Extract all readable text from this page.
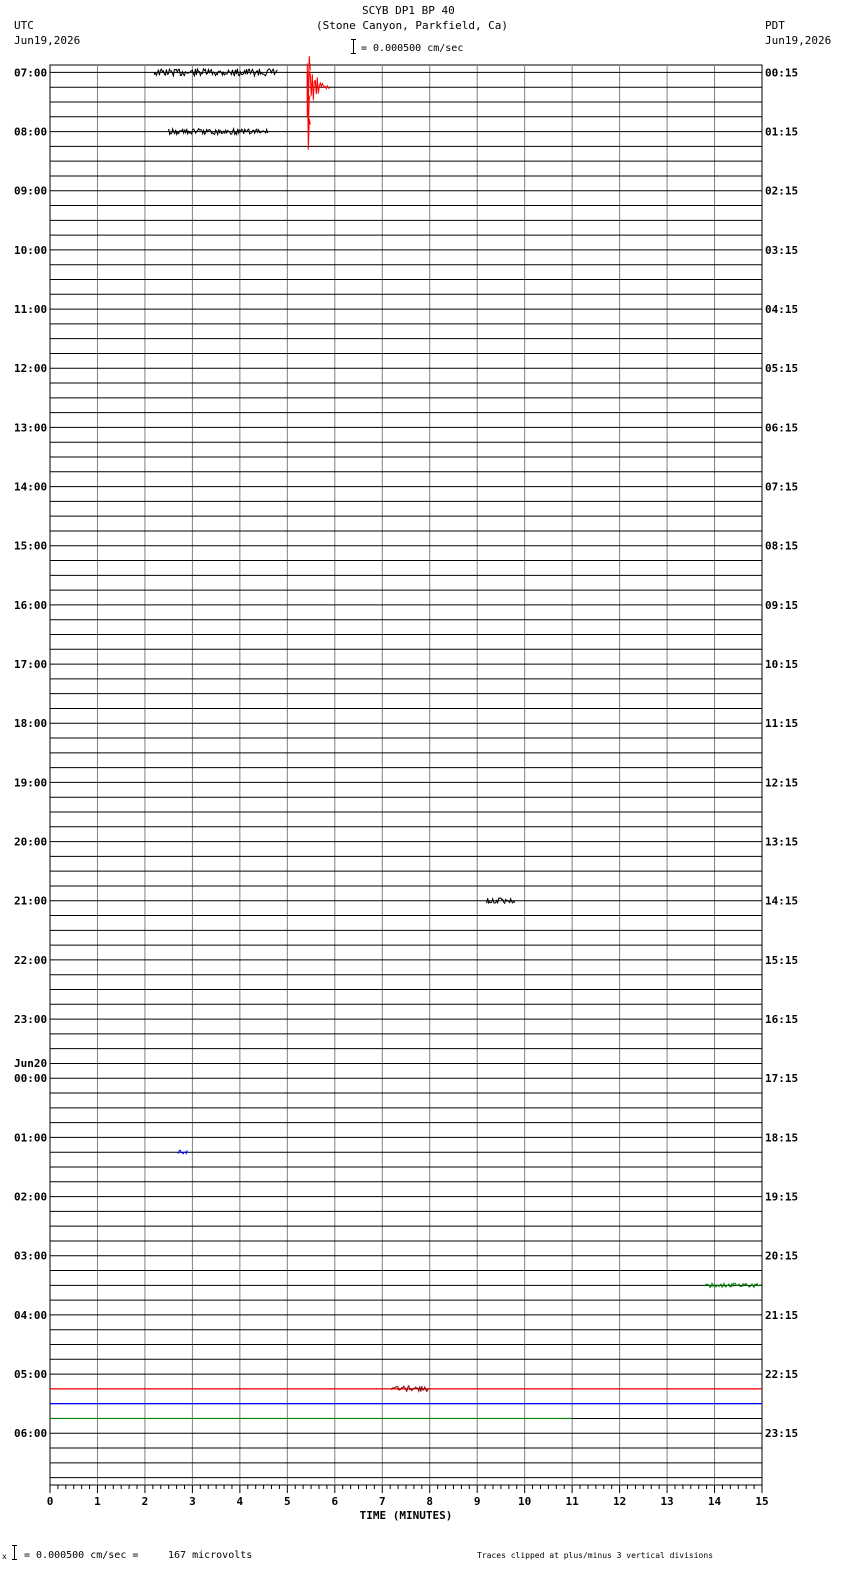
SCYB DP1 BP 40
(Stone Canyon, Parkfield, Ca)
= 0.000500 cm/sec
UTC
Jun19,2026
PDT
Jun19,2026
0	1	2	3	4	5	6	7	8	9	10	11	12	13	14	15
TIME (MINUTES)
07:00
08:00
09:00
10:00
11:00
12:00
13:00
14:00
15:00
16:00
17:00
18:00
19:00
20:00
21:00
22:00
23:00
00:00
Jun20
01:00
02:00
03:00
04:00
05:00
06:00
00:15
01:15
02:15
03:15
04:15
05:15
06:15
07:15
08:15
09:15
10:15
11:15
12:15
13:15
14:15
15:15
16:15
17:15
18:15
19:15
20:15
21:15
22:15
23:15
x = 0.000500 cm/sec =	167 microvolts	Traces clipped at plus/minus 3 vertical divisions
